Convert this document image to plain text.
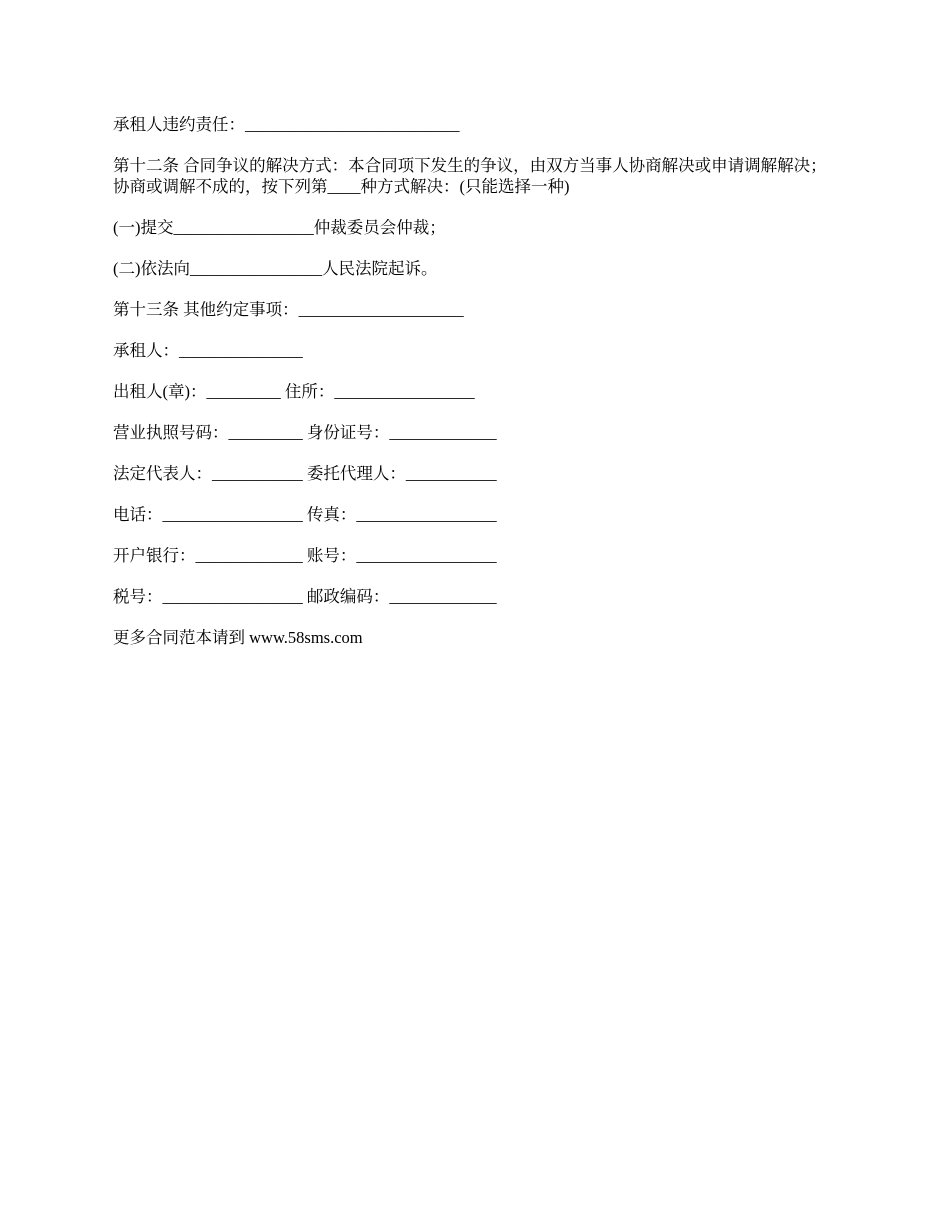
承租人违约责任：__________________________

第十二条 合同争议的解决方式：本合同项下发生的争议，由双方当事人协商解决或申请调解解决；协商或调解不成的，按下列第____种方式解决：(只能选择一种)

(一)提交_________________仲裁委员会仲裁；

(二)依法向________________人民法院起诉。

第十三条 其他约定事项：____________________

承租人：_______________

出租人(章)：_________ 住所：_________________

营业执照号码：_________ 身份证号：_____________

法定代表人：___________ 委托代理人：___________

电话：_________________ 传真：_________________

开户银行：_____________ 账号：_________________

税号：_________________ 邮政编码：_____________

更多合同范本请到 www.58sms.com
